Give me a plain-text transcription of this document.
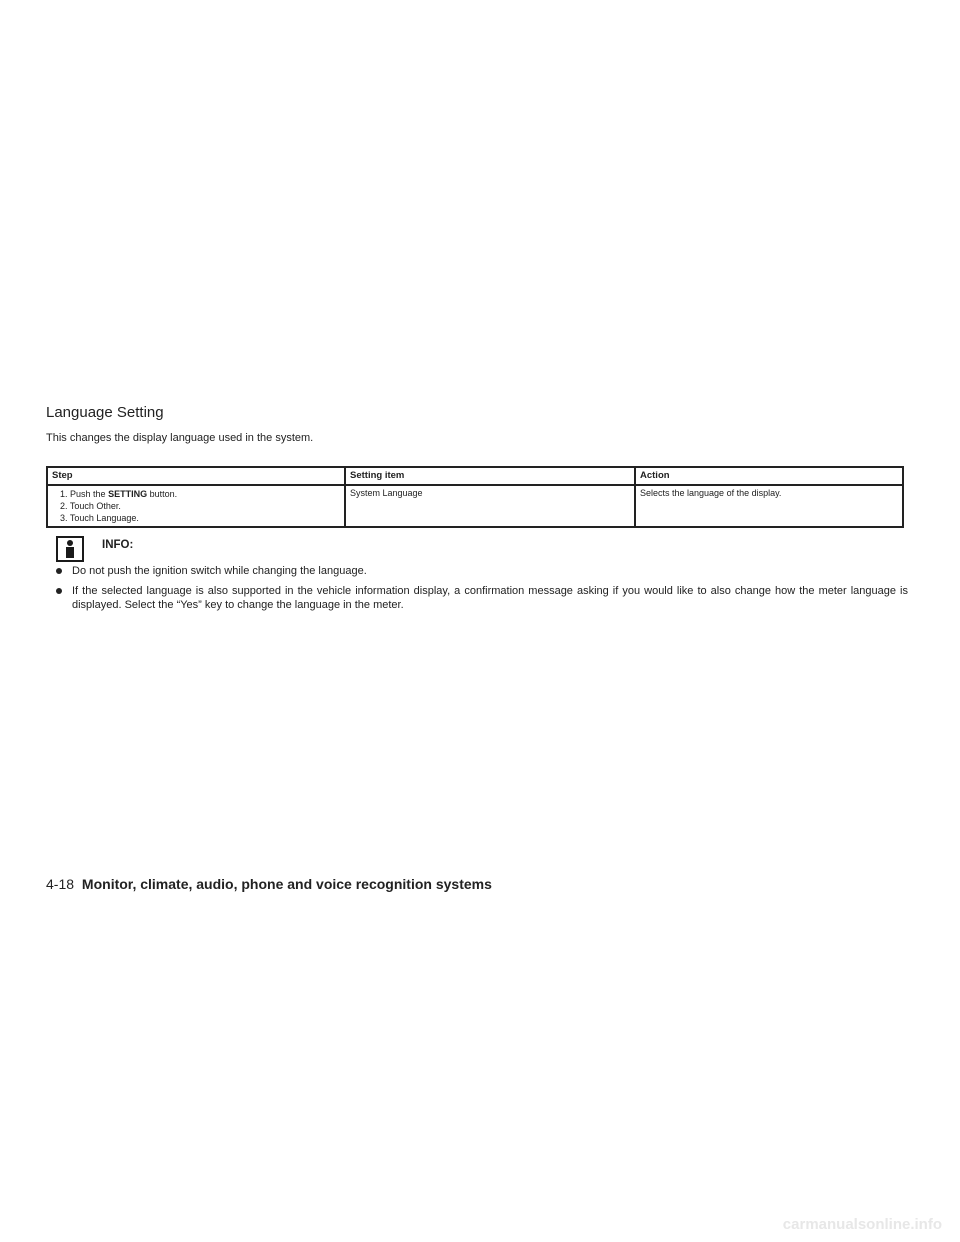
Language Setting
This changes the display language used in the system.
Step	Setting item	Action

1. Push the SETTING button.
2. Touch Other.
3. Touch Language.	System Language	Selects the language of the display.
INFO:
Do not push the ignition switch while changing the language.
If the selected language is also supported in the vehicle information display, a confirmation message asking if you would like to also change how the meter language is displayed. Select the “Yes” key to change the language in the meter.
4-18 Monitor, climate, audio, phone and voice recognition systems
carmanualsonline.info
